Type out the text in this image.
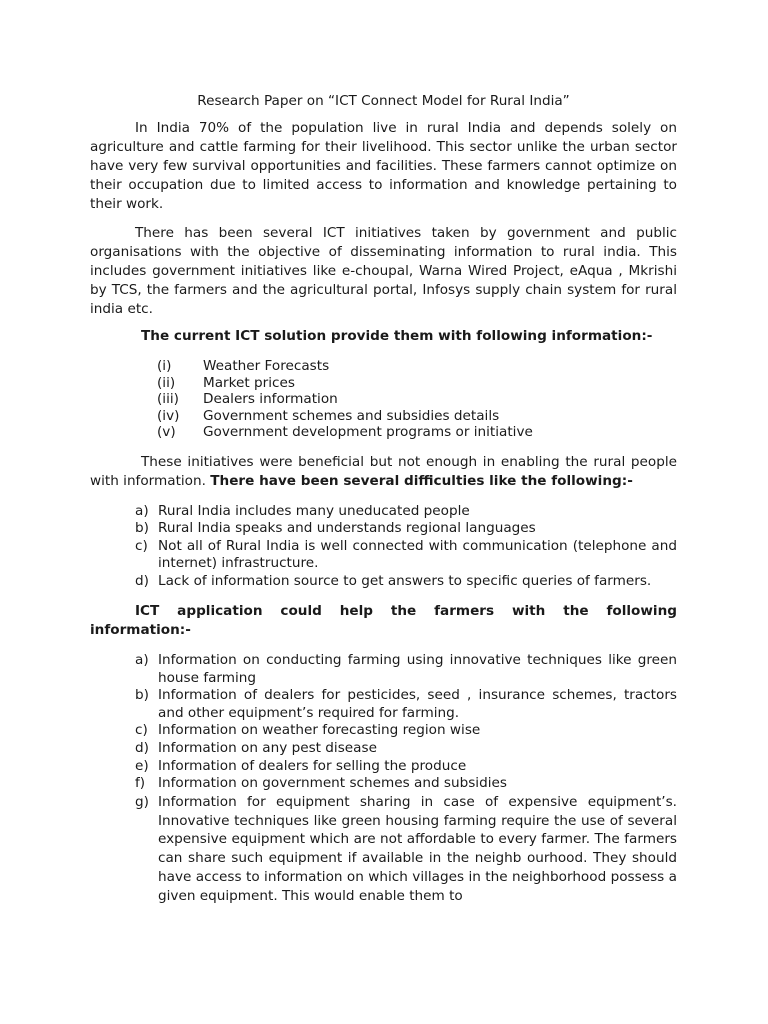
Research Paper on “ICT Connect Model for Rural India”

In India 70% of the population live in rural India and depends solely on agriculture and cattle farming for their livelihood. This sector unlike the urban sector have very few survival opportunities and facilities. These farmers cannot optimize on their occupation due to limited access to information and knowledge pertaining to their work.

There has been several ICT initiatives taken by government and public organisations with the objective of disseminating information to rural india. This includes government initiatives like e-choupal, Warna Wired Project, eAqua , Mkrishi by TCS, the farmers and the agricultural portal, Infosys supply chain system for rural india etc.

The current ICT solution provide them with following information:-
(i)	Weather Forecasts
(ii)	Market prices
(iii)	Dealers information
(iv)	Government schemes and subsidies details
(v)	Government development programs or initiative

These initiatives were beneficial but not enough in enabling the rural people with information. There have been several difficulties like the following:-

a) Rural India includes many uneducated people
b) Rural India speaks and understands regional languages
c) Not all of Rural India is well connected with communication (telephone and internet) infrastructure.
d) Lack of information source to get answers to specific queries of farmers.

ICT application could help the farmers with the following information:-

a) Information on conducting farming using innovative techniques like green house farming
b) Information of dealers for pesticides, seed , insurance schemes, tractors and other equipment’s required for farming.
c) Information on weather forecasting region wise
d) Information on any pest disease
e) Information of dealers for selling the produce
f) Information on government schemes and subsidies
g) Information for equipment sharing in case of expensive equipment’s. Innovative techniques like green housing farming require the use of several expensive equipment which are not affordable to every farmer. The farmers can share such equipment if available in the neighb ourhood. They should have access to information on which villages in the neighborhood possess a given equipment. This would enable them to
